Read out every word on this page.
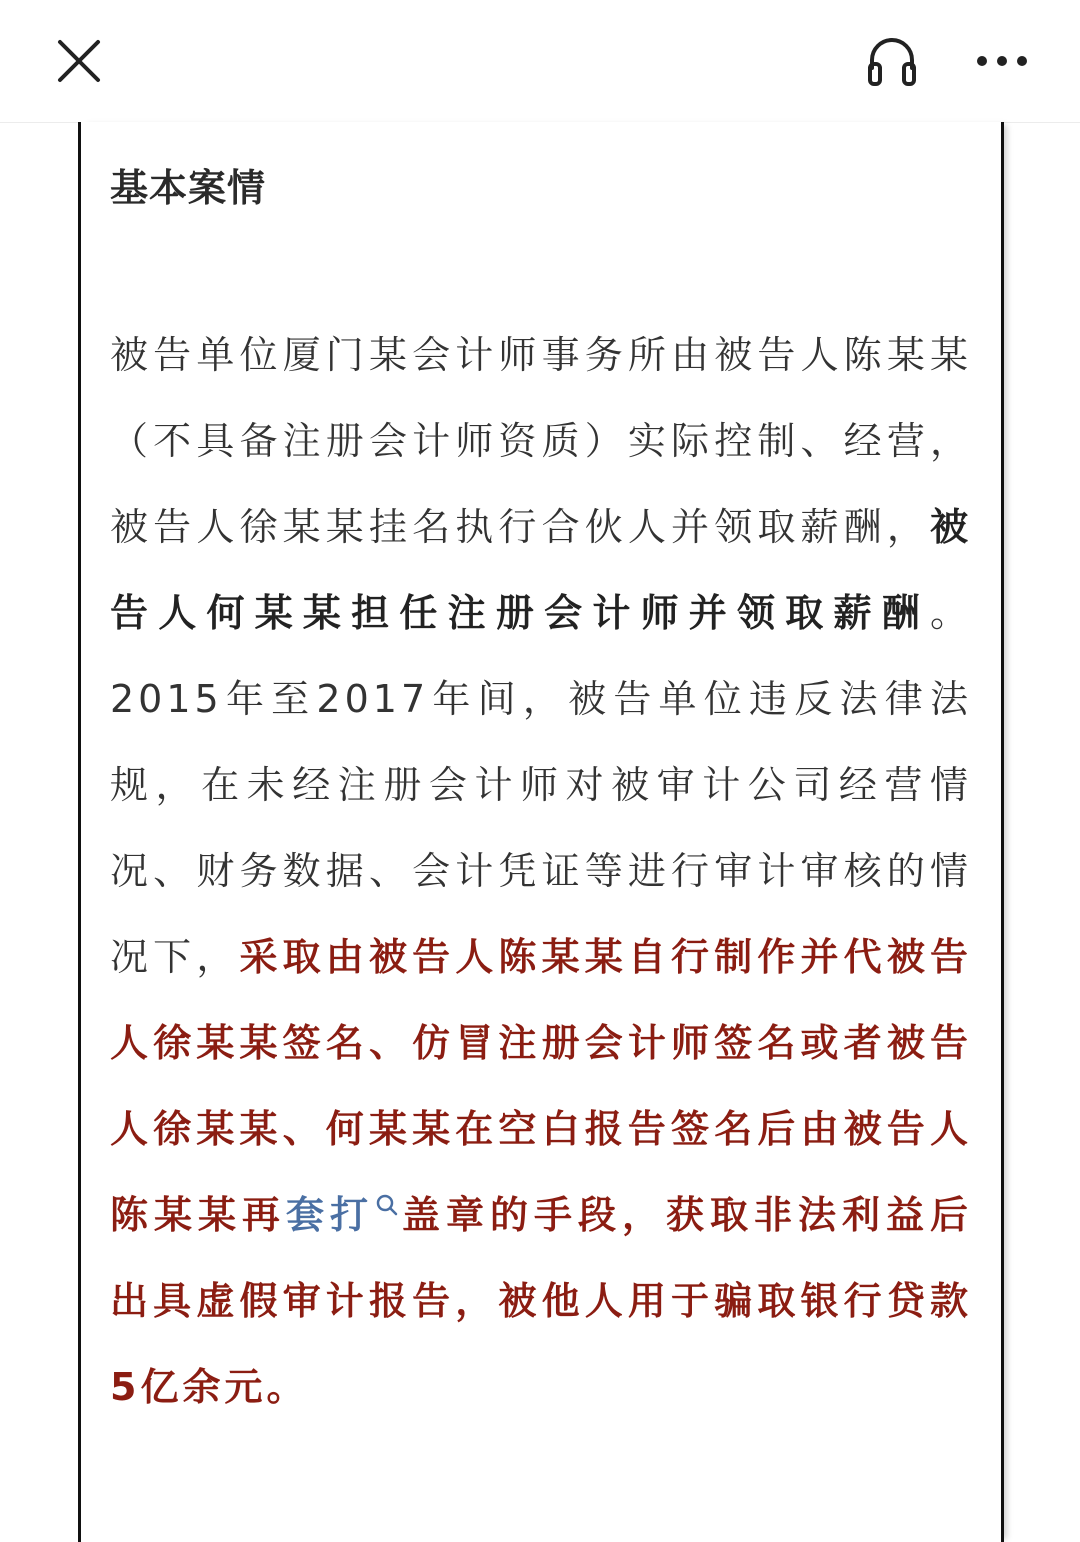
基本案情
被告单位厦门某会计师事务所由被告人陈某某（不具备注册会计师资质）实际控制、经营，被告人徐某某挂名执行合伙人并领取薪酬，被告人何某某担任注册会计师并领取薪酬。2015年至2017年间，被告单位违反法律法规，在未经注册会计师对被审计公司经营情况、财务数据、会计凭证等进行审计审核的情况下，采取由被告人陈某某自行制作并代被告人徐某某签名、仿冒注册会计师签名或者被告人徐某某、何某某在空白报告签名后由被告人陈某某再套打 盖章的手段，获取非法利益后出具虚假审计报告，被他人用于骗取银行贷款5亿余元。
